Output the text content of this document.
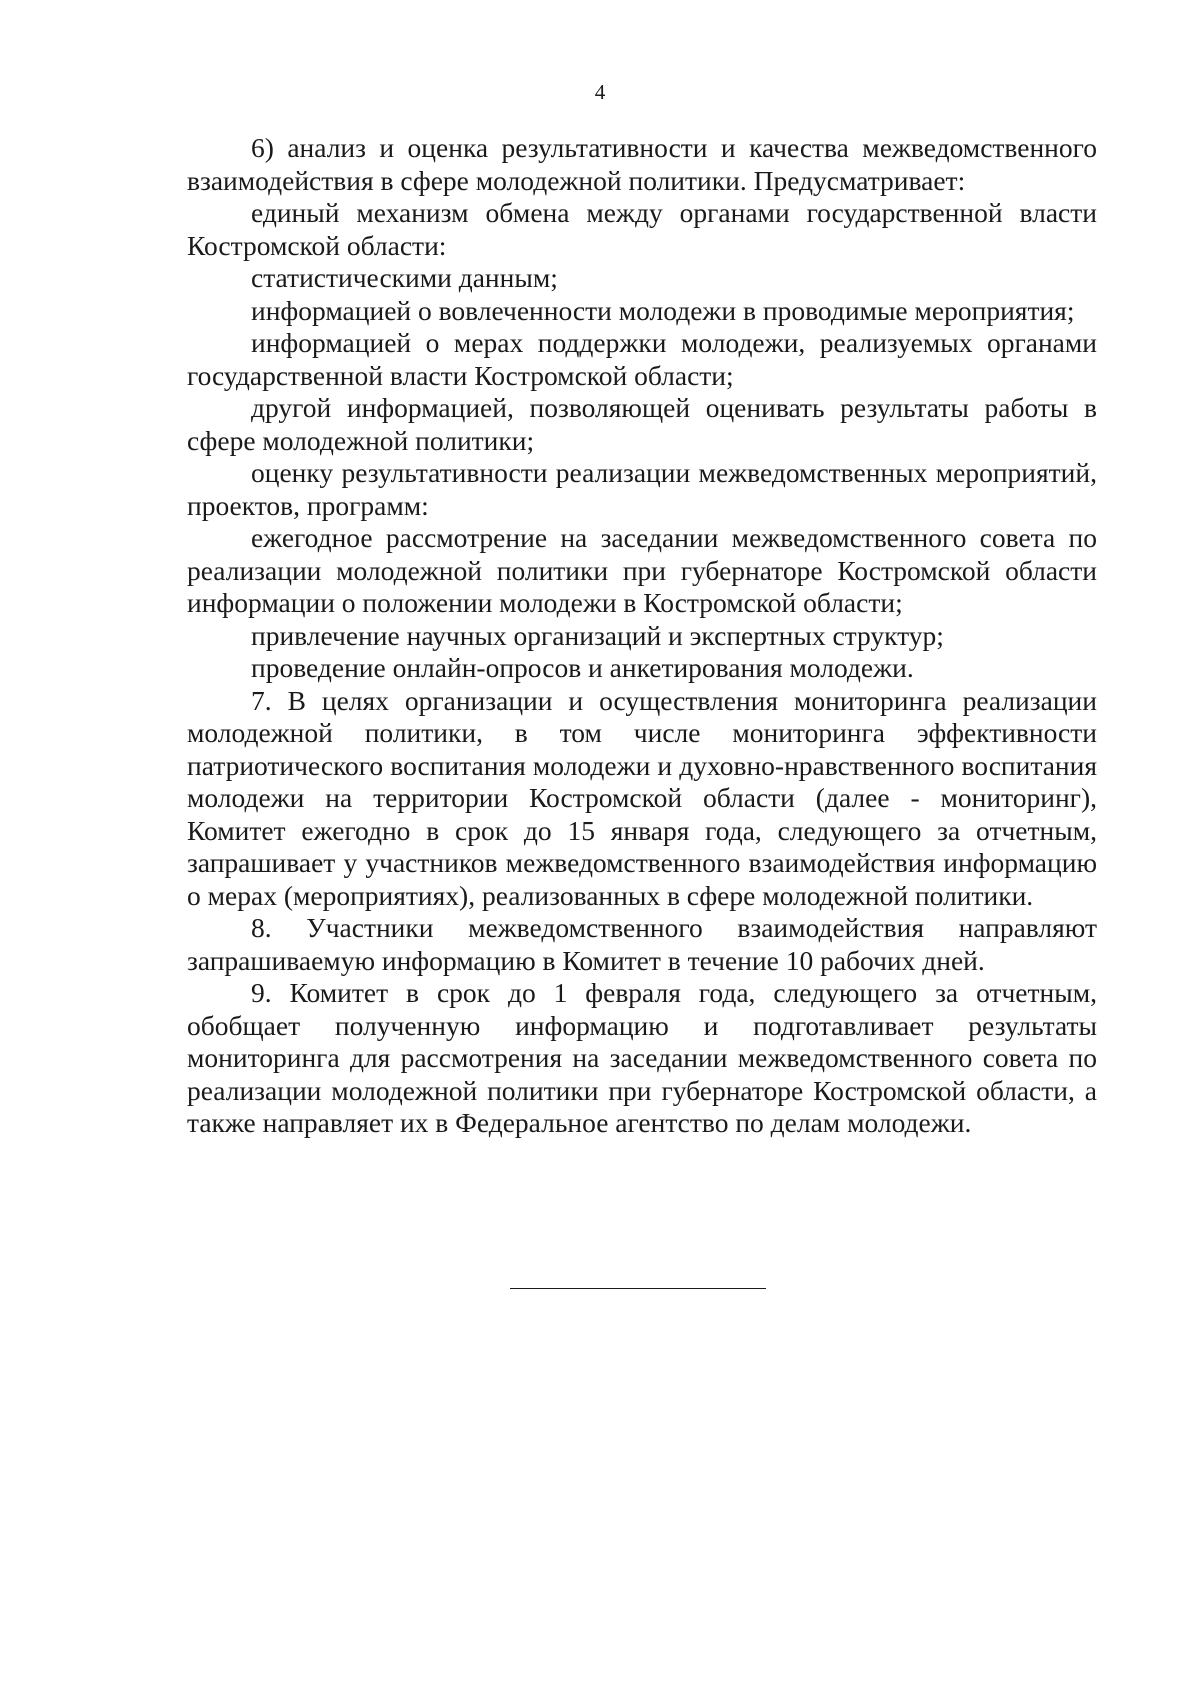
4

6) анализ и оценка результативности и качества межведомственного взаимодействия в сфере молодежной политики. Предусматривает:

единый механизм обмена между органами государственной власти Костромской области:

статистическими данным;

информацией о вовлеченности молодежи в проводимые мероприятия;

информацией о мерах поддержки молодежи, реализуемых органами государственной власти Костромской области;

другой информацией, позволяющей оценивать результаты работы в сфере молодежной политики;

оценку результативности реализации межведомственных мероприятий, проектов, программ:

ежегодное рассмотрение на заседании межведомственного совета по реализации молодежной политики при губернаторе Костромской области информации о положении молодежи в Костромской области;

привлечение научных организаций и экспертных структур;

проведение онлайн-опросов и анкетирования молодежи.

7. В целях организации и осуществления мониторинга реализации молодежной политики, в том числе мониторинга эффективности патриотического воспитания молодежи и духовно-нравственного воспитания молодежи на территории Костромской области (далее - мониторинг), Комитет ежегодно в срок до 15 января года, следующего за отчетным, запрашивает у участников межведомственного взаимодействия информацию о мерах (мероприятиях), реализованных в сфере молодежной политики.

8. Участники межведомственного взаимодействия направляют запрашиваемую информацию в Комитет в течение 10 рабочих дней.

9. Комитет в срок до 1 февраля года, следующего за отчетным, обобщает полученную информацию и подготавливает результаты мониторинга для рассмотрения на заседании межведомственного совета по реализации молодежной политики при губернаторе Костромской области, а также направляет их в Федеральное агентство по делам молодежи.
